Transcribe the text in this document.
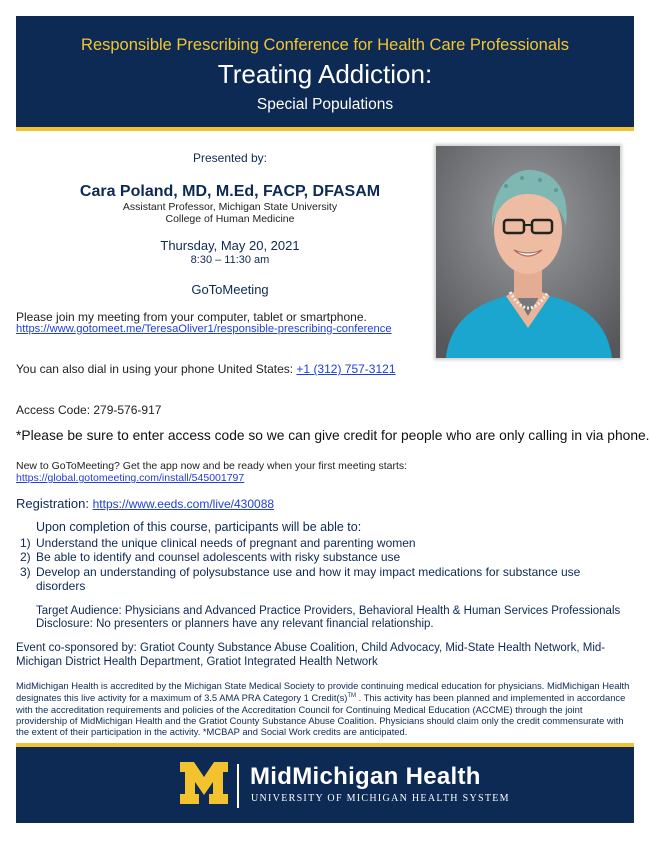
Responsible Prescribing Conference for Health Care Professionals
Treating Addiction:
Special Populations
Presented by:
Cara Poland, MD, M.Ed, FACP, DFASAM
Assistant Professor, Michigan State University
College of Human Medicine
Thursday, May 20, 2021
8:30 – 11:30 am
GoToMeeting
Please join my meeting from your computer, tablet or smartphone.
https://www.gotomeet.me/TeresaOliver1/responsible-prescribing-conference
You can also dial in using your phone United States: +1 (312) 757-3121
Access Code: 279-576-917
*Please be sure to enter access code so we can give credit for people who are only calling in via phone.
New to GoToMeeting? Get the app now and be ready when your first meeting starts:
https://global.gotomeeting.com/install/545001797
Registration: https://www.eeds.com/live/430088
Upon completion of this course, participants will be able to:
1) Understand the unique clinical needs of pregnant and parenting women
2) Be able to identify and counsel adolescents with risky substance use
3) Develop an understanding of polysubstance use and how it may impact medications for substance use disorders
Target Audience: Physicians and Advanced Practice Providers, Behavioral Health & Human Services Professionals
Disclosure: No presenters or planners have any relevant financial relationship.
Event co-sponsored by: Gratiot County Substance Abuse Coalition, Child Advocacy, Mid-State Health Network, Mid- Michigan District Health Department, Gratiot Integrated Health Network
MidMichigan Health is accredited by the Michigan State Medical Society to provide continuing medical education for physicians. MidMichigan Health designates this live activity for a maximum of 3.5 AMA PRA Category 1 Credit(s)™ . This activity has been planned and implemented in accordance with the accreditation requirements and policies of the Accreditation Council for Continuing Medical Education (ACCME) through the joint providership of MidMichigan Health and the Gratiot County Substance Abuse Coalition. Physicians should claim only the credit commensurate with the extent of their participation in the activity. *MCBAP and Social Work credits are anticipated.
MidMichigan Health
UNIVERSITY OF MICHIGAN HEALTH SYSTEM
